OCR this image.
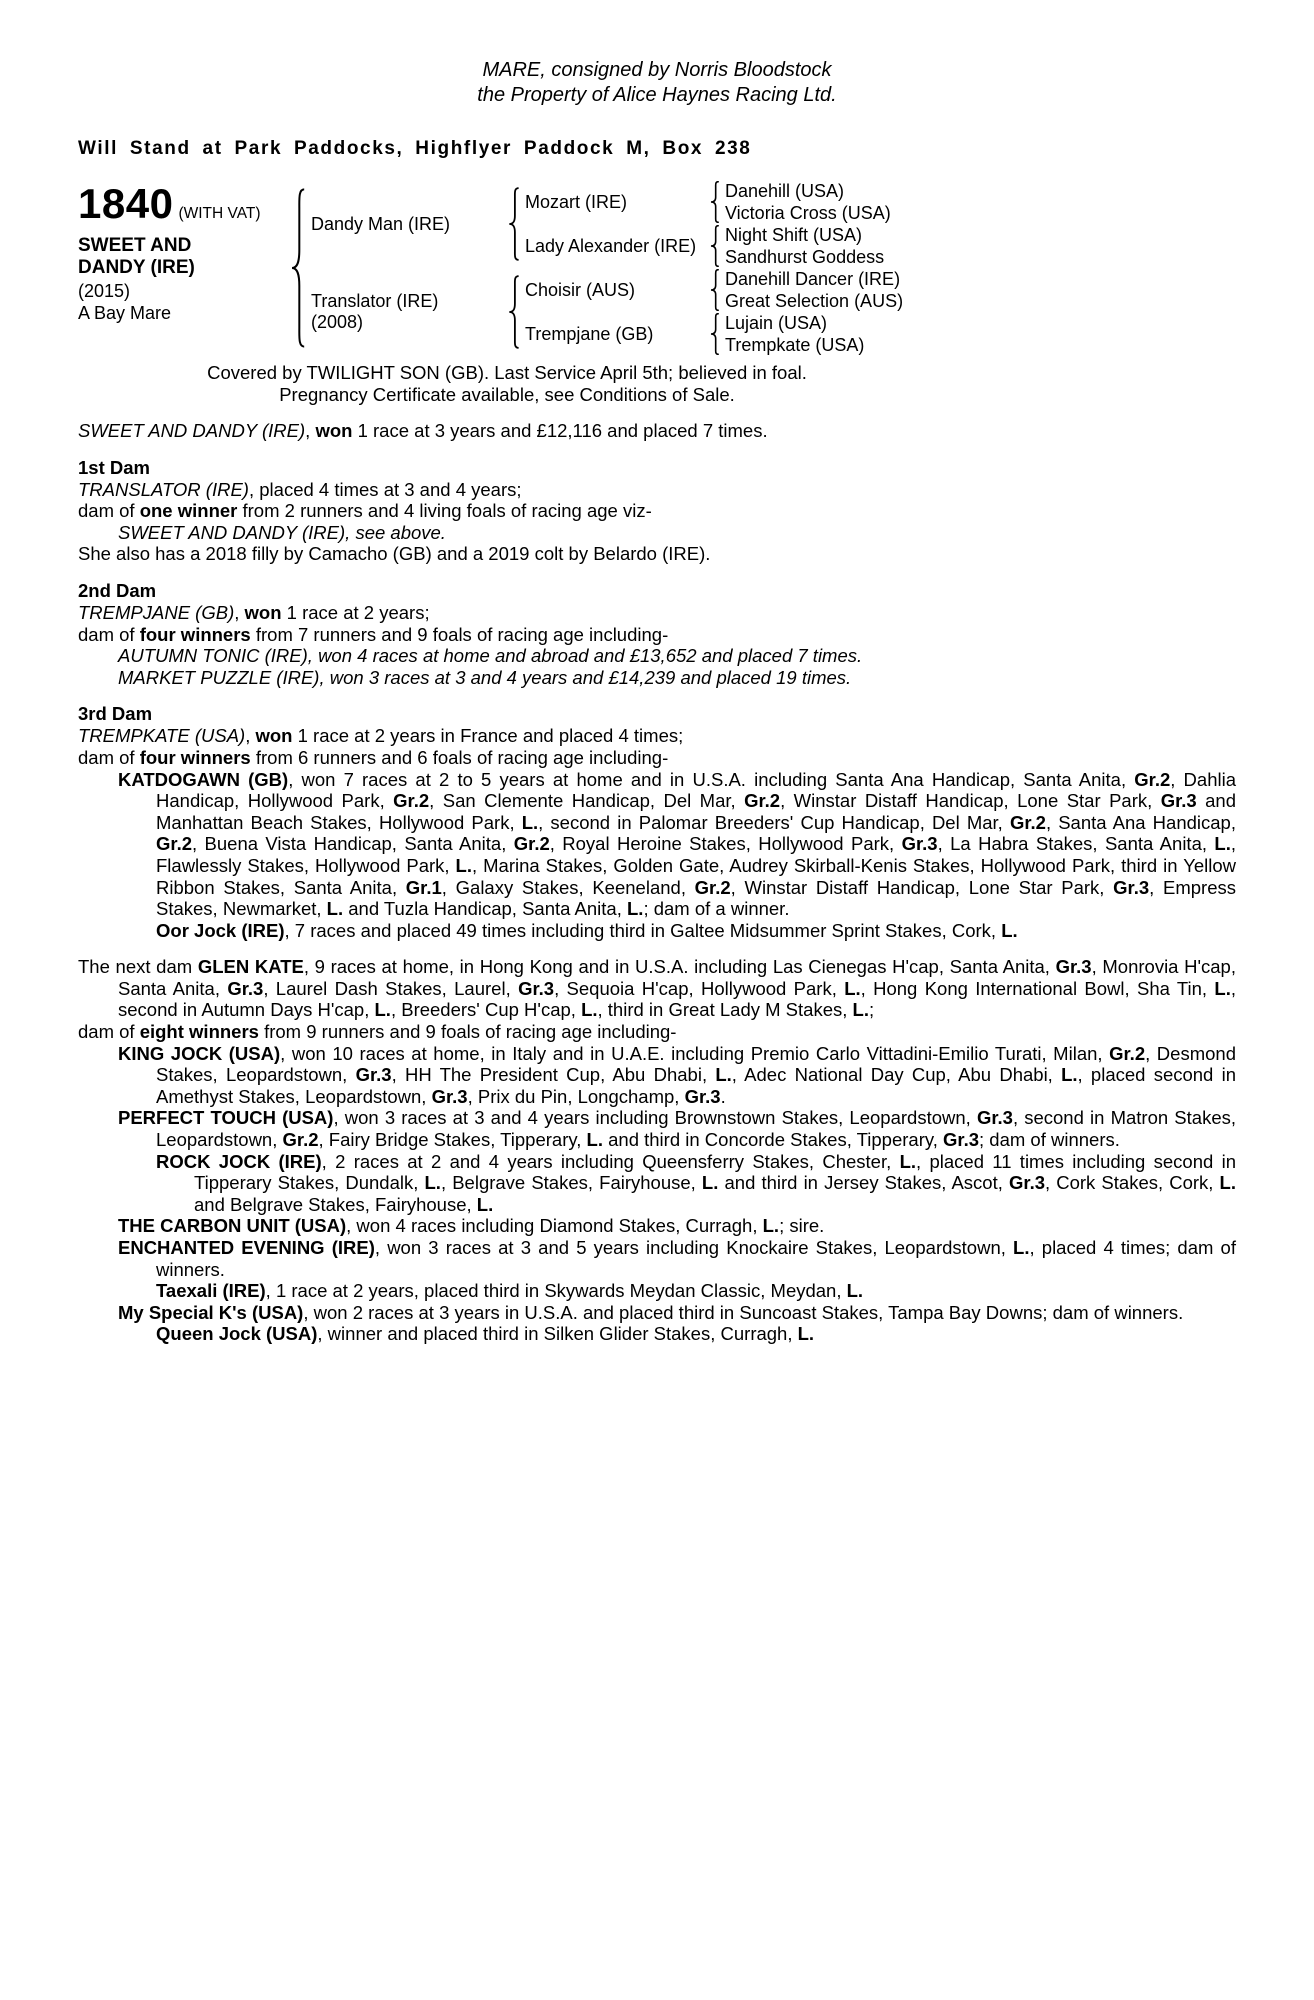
MARE, consigned by Norris Bloodstock
the Property of Alice Haynes Racing Ltd.
Will Stand at Park Paddocks, Highflyer Paddock M, Box 238
1840 (WITH VAT)
SWEET AND DANDY (IRE)
(2015)
A Bay Mare
Dandy Man (IRE)
Translator (IRE)
(2008)
Mozart (IRE)
Lady Alexander (IRE)
Choisir (AUS)
Trempjane (GB)
Danehill (USA)
Victoria Cross (USA)
Night Shift (USA)
Sandhurst Goddess
Danehill Dancer (IRE)
Great Selection (AUS)
Lujain (USA)
Trempkate (USA)
Covered by TWILIGHT SON (GB). Last Service April 5th; believed in foal.
Pregnancy Certificate available, see Conditions of Sale.

SWEET AND DANDY (IRE), won 1 race at 3 years and £12,116 and placed 7 times.

1st Dam

TRANSLATOR (IRE), placed 4 times at 3 and 4 years;

dam of one winner from 2 runners and 4 living foals of racing age viz-

SWEET AND DANDY (IRE), see above.

She also has a 2018 filly by Camacho (GB) and a 2019 colt by Belardo (IRE).

2nd Dam

TREMPJANE (GB), won 1 race at 2 years;

dam of four winners from 7 runners and 9 foals of racing age including-

AUTUMN TONIC (IRE), won 4 races at home and abroad and £13,652 and placed 7 times.

MARKET PUZZLE (IRE), won 3 races at 3 and 4 years and £14,239 and placed 19 times.

3rd Dam

TREMPKATE (USA), won 1 race at 2 years in France and placed 4 times;

dam of four winners from 6 runners and 6 foals of racing age including-

KATDOGAWN (GB), won 7 races at 2 to 5 years at home and in U.S.A. including Santa Ana Handicap, Santa Anita, Gr.2, Dahlia Handicap, Hollywood Park, Gr.2, San Clemente Handicap, Del Mar, Gr.2, Winstar Distaff Handicap, Lone Star Park, Gr.3 and Manhattan Beach Stakes, Hollywood Park, L., second in Palomar Breeders' Cup Handicap, Del Mar, Gr.2, Santa Ana Handicap, Gr.2, Buena Vista Handicap, Santa Anita, Gr.2, Royal Heroine Stakes, Hollywood Park, Gr.3, La Habra Stakes, Santa Anita, L., Flawlessly Stakes, Hollywood Park, L., Marina Stakes, Golden Gate, Audrey Skirball-Kenis Stakes, Hollywood Park, third in Yellow Ribbon Stakes, Santa Anita, Gr.1, Galaxy Stakes, Keeneland, Gr.2, Winstar Distaff Handicap, Lone Star Park, Gr.3, Empress Stakes, Newmarket, L. and Tuzla Handicap, Santa Anita, L.; dam of a winner.

Oor Jock (IRE), 7 races and placed 49 times including third in Galtee Midsummer Sprint Stakes, Cork, L.

The next dam GLEN KATE, 9 races at home, in Hong Kong and in U.S.A. including Las Cienegas H'cap, Santa Anita, Gr.3, Monrovia H'cap, Santa Anita, Gr.3, Laurel Dash Stakes, Laurel, Gr.3, Sequoia H'cap, Hollywood Park, L., Hong Kong International Bowl, Sha Tin, L., second in Autumn Days H'cap, L., Breeders' Cup H'cap, L., third in Great Lady M Stakes, L.;

dam of eight winners from 9 runners and 9 foals of racing age including-

KING JOCK (USA), won 10 races at home, in Italy and in U.A.E. including Premio Carlo Vittadini-Emilio Turati, Milan, Gr.2, Desmond Stakes, Leopardstown, Gr.3, HH The President Cup, Abu Dhabi, L., Adec National Day Cup, Abu Dhabi, L., placed second in Amethyst Stakes, Leopardstown, Gr.3, Prix du Pin, Longchamp, Gr.3.

PERFECT TOUCH (USA), won 3 races at 3 and 4 years including Brownstown Stakes, Leopardstown, Gr.3, second in Matron Stakes, Leopardstown, Gr.2, Fairy Bridge Stakes, Tipperary, L. and third in Concorde Stakes, Tipperary, Gr.3; dam of winners.

ROCK JOCK (IRE), 2 races at 2 and 4 years including Queensferry Stakes, Chester, L., placed 11 times including second in Tipperary Stakes, Dundalk, L., Belgrave Stakes, Fairyhouse, L. and third in Jersey Stakes, Ascot, Gr.3, Cork Stakes, Cork, L. and Belgrave Stakes, Fairyhouse, L.

THE CARBON UNIT (USA), won 4 races including Diamond Stakes, Curragh, L.; sire.

ENCHANTED EVENING (IRE), won 3 races at 3 and 5 years including Knockaire Stakes, Leopardstown, L., placed 4 times; dam of winners.

Taexali (IRE), 1 race at 2 years, placed third in Skywards Meydan Classic, Meydan, L.

My Special K's (USA), won 2 races at 3 years in U.S.A. and placed third in Suncoast Stakes, Tampa Bay Downs; dam of winners.

Queen Jock (USA), winner and placed third in Silken Glider Stakes, Curragh, L.
